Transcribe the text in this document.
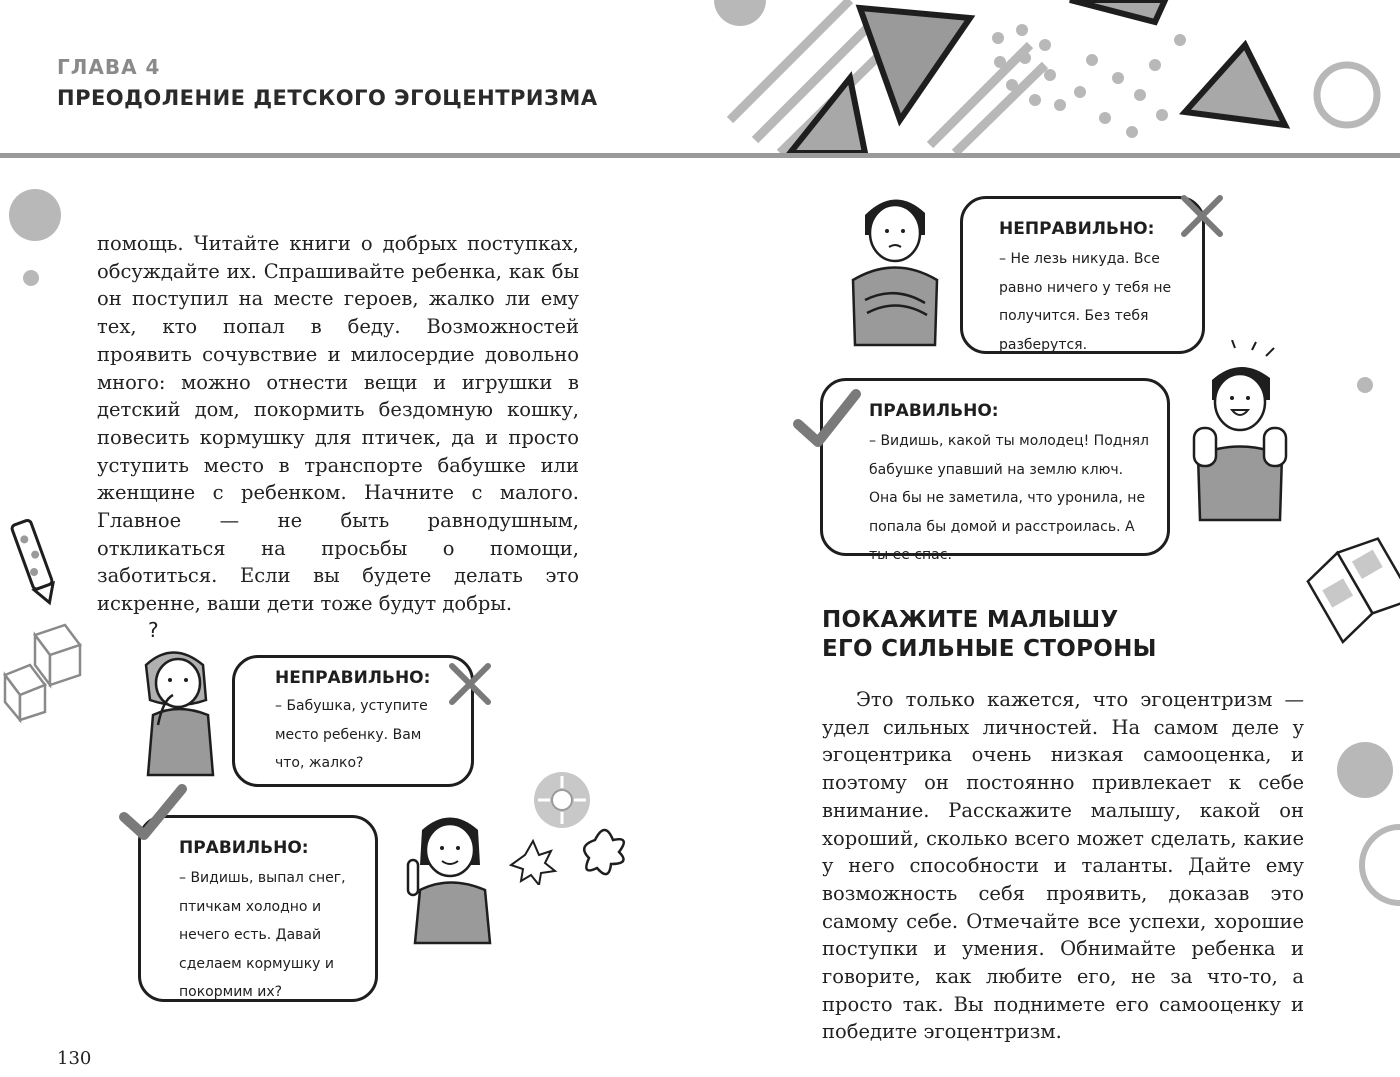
ГЛАВА 4
ПРЕОДОЛЕНИЕ ДЕТСКОГО ЭГОЦЕНТРИЗМА

помощь. Читайте книги о добрых поступках, обсуждайте их. Спрашивайте ребенка, как бы он поступил на месте героев, жалко ли ему тех, кто попал в беду. Возможностей проявить сочувствие и милосердие довольно много: можно отнести вещи и игрушки в детский дом, покормить бездомную кошку, повесить кормушку для птичек, да и просто уступить место в транспорте бабушке или женщине с ребенком. Начните с малого. Главное — не быть равнодушным, откликаться на просьбы о помощи, заботиться. Если вы будете делать это искренне, ваши дети тоже будут добры.

?
НЕПРАВИЛЬНО:
– Бабушка, уступите место ребенку. Вам что, жалко?
ПРАВИЛЬНО:
– Видишь, выпал снег, птичкам холодно и нечего есть. Давай сделаем кормушку и покормим их?
130
НЕПРАВИЛЬНО:
– Не лезь никуда. Все равно ничего у тебя не получится. Без тебя разберутся.
ПРАВИЛЬНО:
– Видишь, какой ты молодец! Поднял бабушке упавший на землю ключ. Она бы не заметила, что уронила, не попала бы домой и расстроилась. А ты ее спас.
ПОКАЖИТЕ МАЛЫШУ
ЕГО СИЛЬНЫЕ СТОРОНЫ

Это только кажется, что эгоцентризм — удел сильных личностей. На самом деле у эгоцентрика очень низкая самооценка, и поэтому он постоянно привлекает к себе внимание. Расскажите малышу, какой он хороший, сколько всего может сделать, какие у него способности и таланты. Дайте ему возможность себя проявить, доказав это самому себе. Отмечайте все успехи, хорошие поступки и умения. Обнимайте ребенка и говорите, как любите его, не за что-то, а просто так. Вы поднимете его самооценку и победите эгоцентризм.
